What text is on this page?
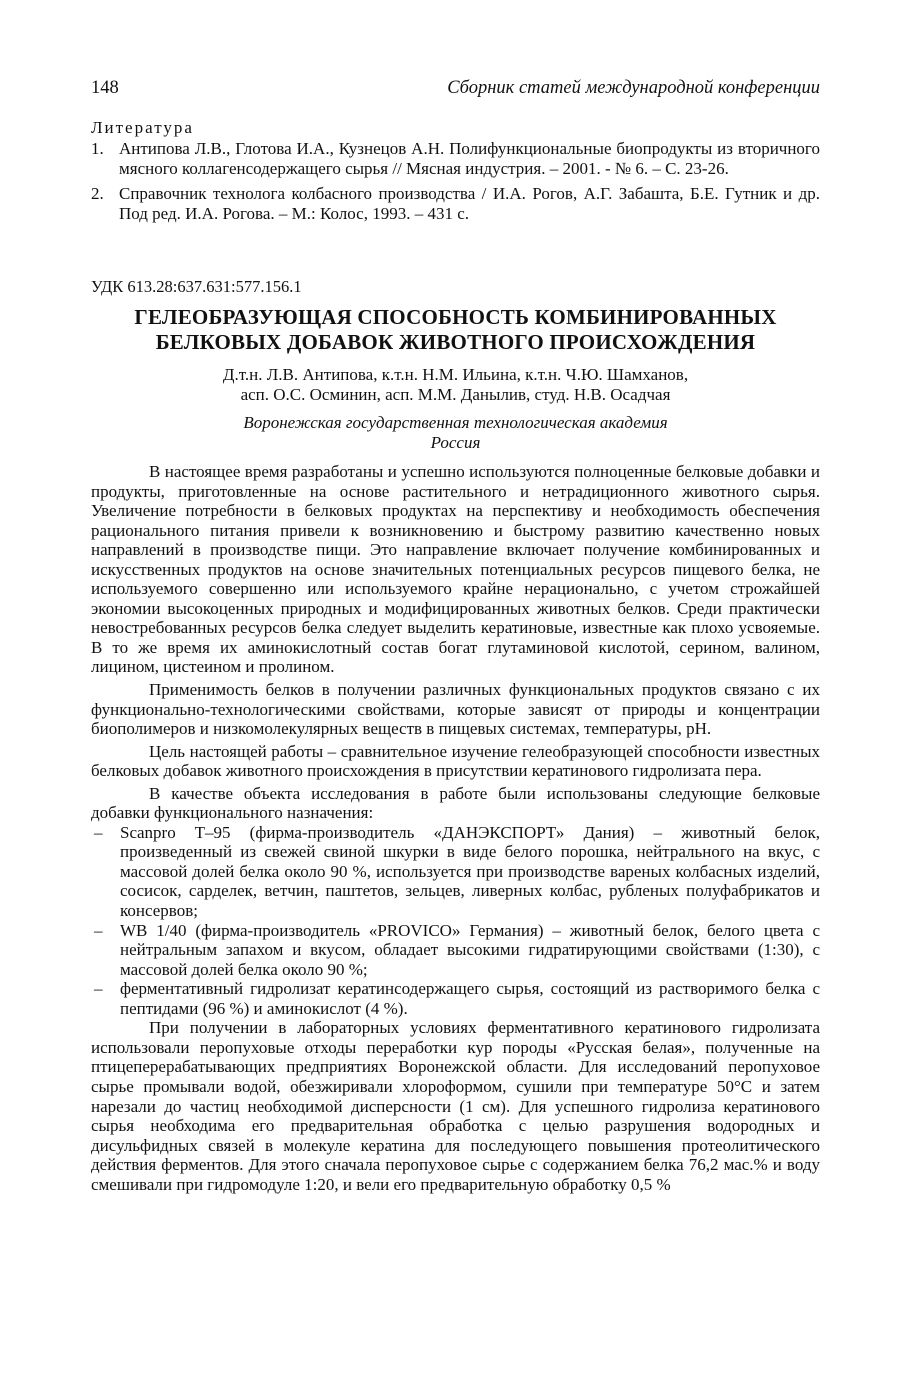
148	Сборник статей международной конференции
Литература
1. Антипова Л.В., Глотова И.А., Кузнецов А.Н. Полифункциональные биопродукты из вторичного мясного коллагенсодержащего сырья // Мясная индустрия. – 2001. - № 6. – С. 23-26.
2. Справочник технолога колбасного производства / И.А. Рогов, А.Г. Забашта, Б.Е. Гутник и др. Под ред. И.А. Рогова. – М.: Колос, 1993. – 431 с.
УДК 613.28:637.631:577.156.1
ГЕЛЕОБРАЗУЮЩАЯ СПОСОБНОСТЬ КОМБИНИРОВАННЫХ
БЕЛКОВЫХ ДОБАВОК ЖИВОТНОГО ПРОИСХОЖДЕНИЯ
Д.т.н. Л.В. Антипова, к.т.н. Н.М. Ильина, к.т.н. Ч.Ю. Шамханов,
асп. О.С. Осминин, асп. М.М. Данылив, студ. Н.В. Осадчая
Воронежская государственная технологическая академия
Россия

В настоящее время разработаны и успешно используются полноценные белковые добавки и продукты, приготовленные на основе растительного и нетрадиционного животного сырья. Увеличение потребности в белковых продуктах на перспективу и необходимость обеспечения рационального питания привели к возникновению и быстрому развитию качественно новых направлений в производстве пищи. Это направление включает получение комбинированных и искусственных продуктов на основе значительных потенциальных ресурсов пищевого белка, не используемого совершенно или используемого крайне нерационально, с учетом строжайшей экономии высокоценных природных и модифицированных животных белков. Среди практически невостребованных ресурсов белка следует выделить кератиновые, известные как плохо усвояемые. В то же время их аминокислотный состав богат глутаминовой кислотой, серином, валином, лицином, цистеином и пролином.

Применимость белков в получении различных функциональных продуктов связано с их функционально-технологическими свойствами, которые зависят от природы и концентрации биополимеров и низкомолекулярных веществ в пищевых системах, температуры, pH.

Цель настоящей работы – сравнительное изучение гелеобразующей способности известных белковых добавок животного происхождения в присутствии кератинового гидролизата пера.

В качестве объекта исследования в работе были использованы следующие белковые добавки функционального назначения:

– Scanpro T–95 (фирма-производитель «ДАНЭКСПОРТ» Дания) – животный белок, произведенный из свежей свиной шкурки в виде белого порошка, нейтрального на вкус, с массовой долей белка около 90 %, используется при производстве вареных колбасных изделий, сосисок, сарделек, ветчин, паштетов, зельцев, ливерных колбас, рубленых полуфабрикатов и консервов;
– WB 1/40 (фирма-производитель «PROVICO» Германия) – животный белок, белого цвета с нейтральным запахом и вкусом, обладает высокими гидратирующими свойствами (1:30), с массовой долей белка около 90 %;
– ферментативный гидролизат кератинсодержащего сырья, состоящий из растворимого белка с пептидами (96 %) и аминокислот (4 %).

При получении в лабораторных условиях ферментативного кератинового гидролизата использовали перопуховые отходы переработки кур породы «Русская белая», полученные на птицеперерабатывающих предприятиях Воронежской области. Для исследований перопуховое сырье промывали водой, обезжиривали хлороформом, сушили при температуре 50°С и затем нарезали до частиц необходимой дисперсности (1 см). Для успешного гидролиза кератинового сырья необходима его предварительная обработка с целью разрушения водородных и дисульфидных связей в молекуле кератина для последующего повышения протеолитического действия ферментов. Для этого сначала перопуховое сырье с содержанием белка 76,2 мас.% и воду смешивали при гидромодуле 1:20, и вели его предварительную обработку 0,5 %
